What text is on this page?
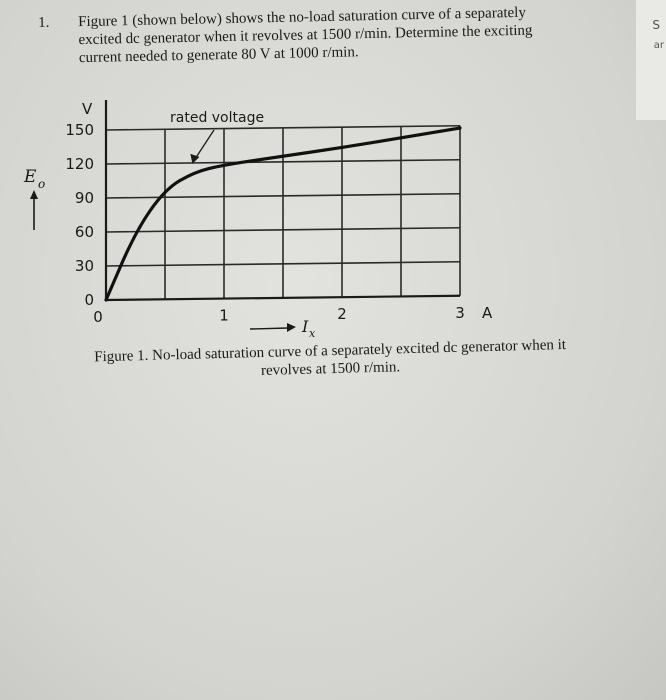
S
ar
1. Figure 1 (shown below) shows the no-load saturation curve of a separately
excited dc generator when it revolves at 1500 r/min. Determine the exciting
current needed to generate 80 V at 1000 r/min.
0
30
60
90
120
150
0	1	2	3
V
A
E o
I x
rated voltage
Figure 1. No-load saturation curve of a separately excited dc generator when it
revolves at 1500 r/min.
